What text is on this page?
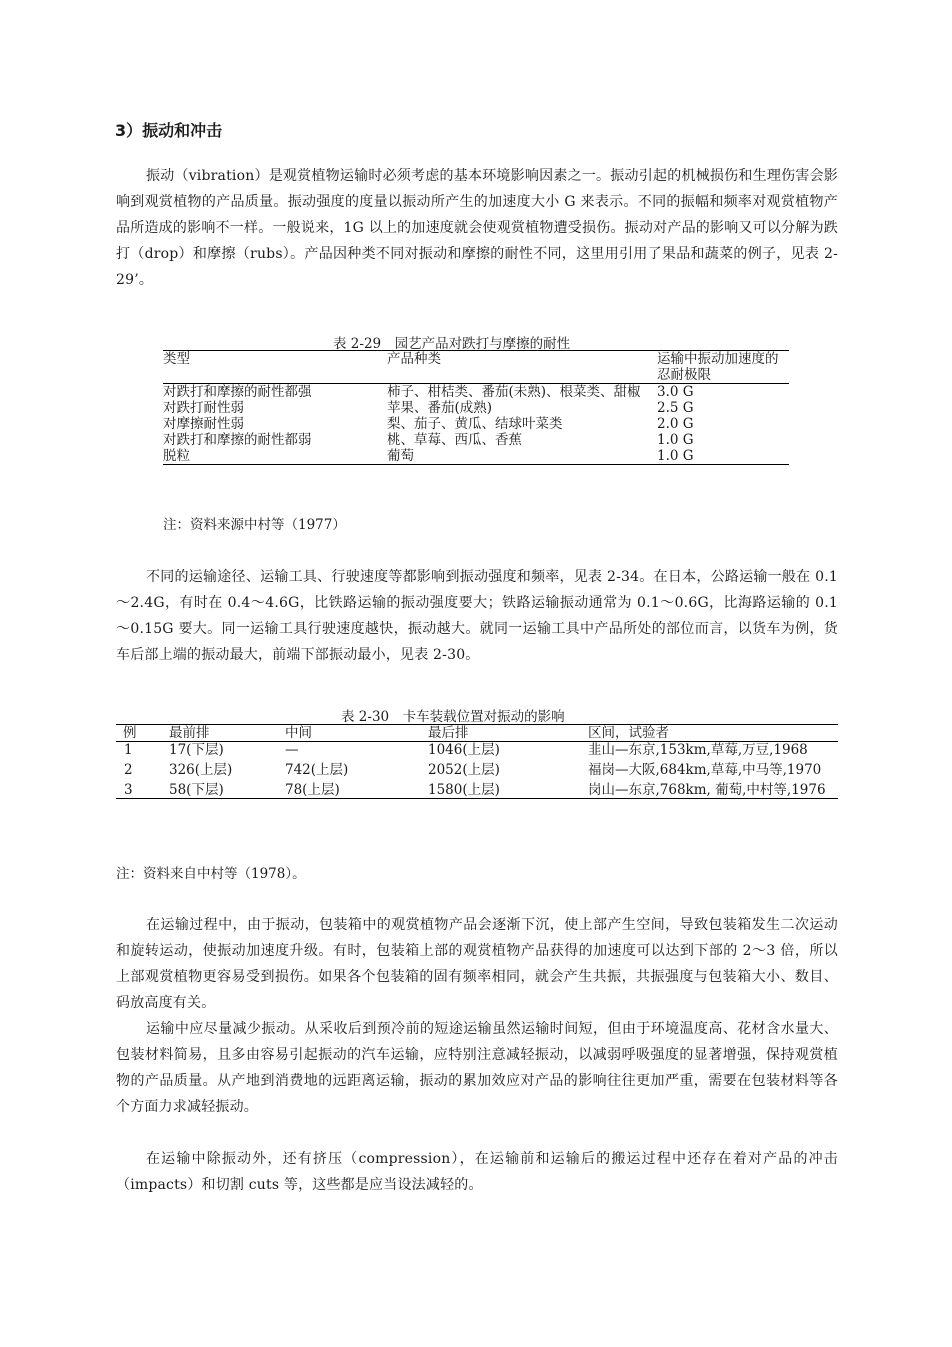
3）振动和冲击

振动（vibration）是观赏植物运输时必须考虑的基本环境影响因素之一。振动引起的机械损伤和生理伤害会影响到观赏植物的产品质量。振动强度的度量以振动所产生的加速度大小 G 来表示。不同的振幅和频率对观赏植物产品所造成的影响不一样。一般说来，1G 以上的加速度就会使观赏植物遭受损伤。振动对产品的影响又可以分解为跌打（drop）和摩擦（rubs）。产品因种类不同对振动和摩擦的耐性不同，这里用引用了果品和蔬菜的例子，见表 2-29’。

表 2-29　园艺产品对跌打与摩擦的耐性

类型	产品种类	运输中振动加速度的忍耐极限
对跌打和摩擦的耐性都强	柿子、柑桔类、番茄(未熟)、根菜类、甜椒	3.0 G
对跌打耐性弱	苹果、番茄(成熟)	2.5 G
对摩擦耐性弱	梨、茄子、黄瓜、结球叶菜类	2.0 G
对跌打和摩擦的耐性都弱	桃、草莓、西瓜、香蕉	1.0 G
脱粒	葡萄	1.0 G

注：资料来源中村等（1977）

不同的运输途径、运输工具、行驶速度等都影响到振动强度和频率，见表 2-34。在日本，公路运输一般在 0.1～2.4G，有时在 0.4～4.6G，比铁路运输的振动强度要大；铁路运输振动通常为 0.1～0.6G，比海路运输的 0.1～0.15G 要大。同一运输工具行驶速度越快，振动越大。就同一运输工具中产品所处的部位而言，以货车为例，货车后部上端的振动最大，前端下部振动最小，见表 2-30。

表 2-30　卡车装载位置对振动的影响

例	最前排	中间	最后排	区间，试验者
1	17(下层)	—	1046(上层)	韭山—东京,153km,草莓,万豆,1968
2	326(上层)	742(上层)	2052(上层)	福岗—大阪,684km,草莓,中马等,1970
3	58(下层)	78(上层)	1580(上层)	岗山—东京,768km, 葡萄,中村等,1976

注：资料来自中村等（1978）。

在运输过程中，由于振动，包装箱中的观赏植物产品会逐渐下沉，使上部产生空间，导致包装箱发生二次运动和旋转运动，使振动加速度升级。有时，包装箱上部的观赏植物产品获得的加速度可以达到下部的 2～3 倍，所以上部观赏植物更容易受到损伤。如果各个包装箱的固有频率相同，就会产生共振，共振强度与包装箱大小、数目、码放高度有关。

运输中应尽量减少振动。从采收后到预冷前的短途运输虽然运输时间短，但由于环境温度高、花材含水量大、包装材料简易，且多由容易引起振动的汽车运输，应特别注意减轻振动，以减弱呼吸强度的显著增强，保持观赏植物的产品质量。从产地到消费地的远距离运输，振动的累加效应对产品的影响往往更加严重，需要在包装材料等各个方面力求减轻振动。

在运输中除振动外，还有挤压（compression），在运输前和运输后的搬运过程中还存在着对产品的冲击（impacts）和切割 cuts 等，这些都是应当设法减轻的。
